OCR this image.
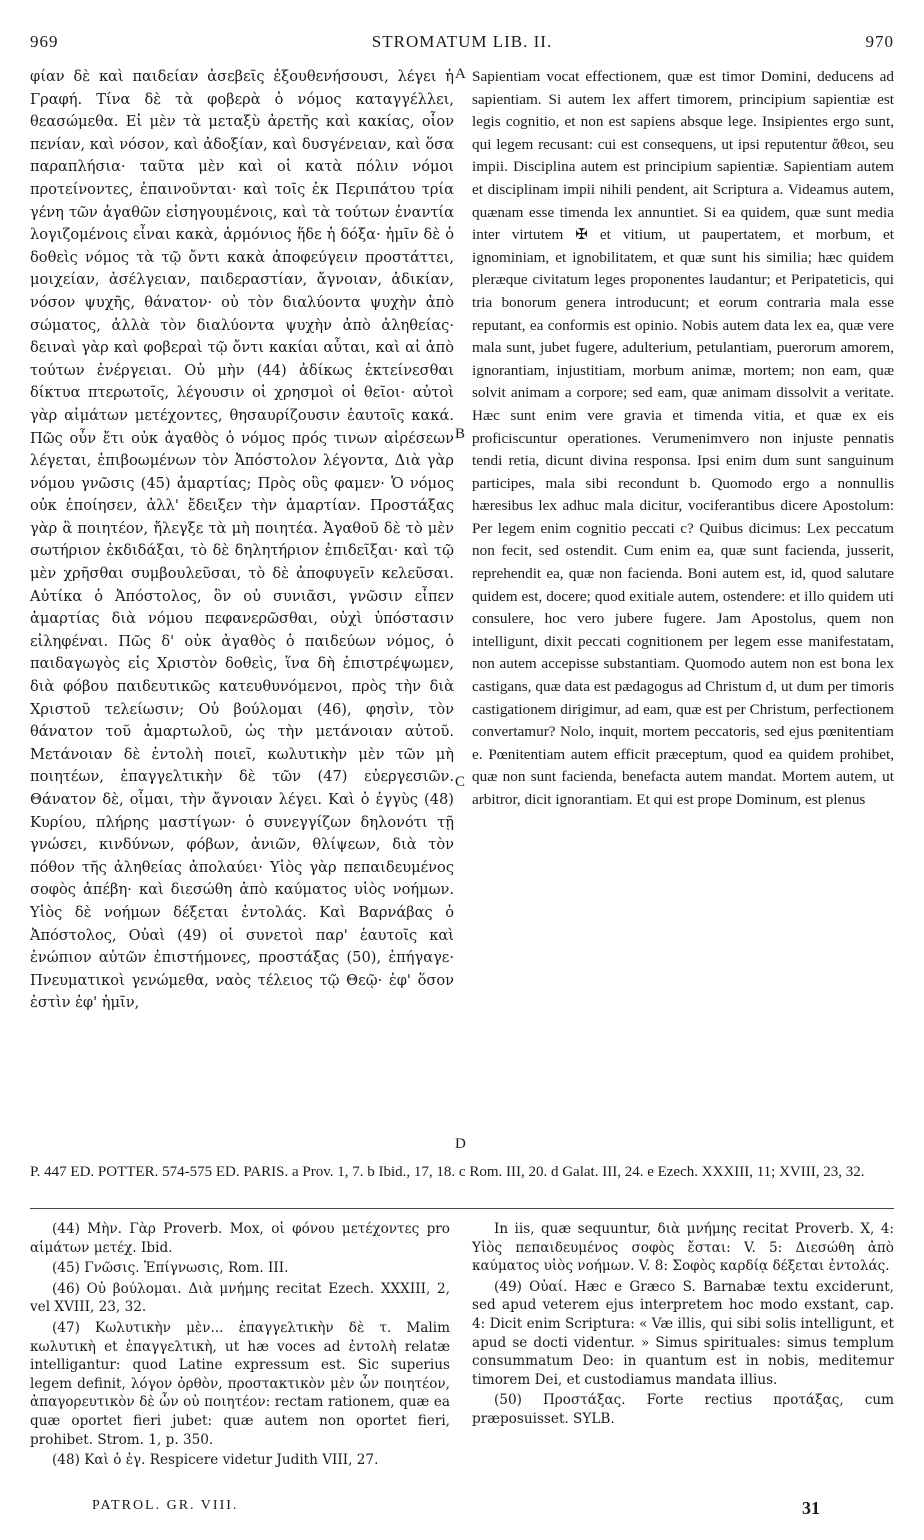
969	STROMATUM LIB. II.	970

φίαν δὲ καὶ παιδείαν ἀσεβεῖς ἐξουθενήσουσι, λέγει ἡ Γραφή. Τίνα δὲ τὰ φοβερὰ ὁ νόμος καταγγέλλει, θεασώμεθα. Εἰ μὲν τὰ μεταξὺ ἀρετῆς καὶ κακίας, οἷον πενίαν, καὶ νόσον, καὶ ἀδοξίαν, καὶ δυσγένειαν, καὶ ὅσα παραπλήσια· ταῦτα μὲν καὶ οἱ κατὰ πόλιν νόμοι προτείνοντες, ἐπαινοῦνται· καὶ τοῖς ἐκ Περιπάτου τρία γένη τῶν ἀγαθῶν εἰσηγουμένοις, καὶ τὰ τούτων ἐναντία λογιζομένοις εἶναι κακὰ, ἁρμόνιος ἥδε ἡ δόξα· ἡμῖν δὲ ὁ δοθεὶς νόμος τὰ τῷ ὄντι κακὰ ἀποφεύγειν προστάττει, μοιχείαν, ἀσέλγειαν, παιδεραστίαν, ἄγνοιαν, ἀδικίαν, νόσον ψυχῆς, θάνατον· οὐ τὸν διαλύοντα ψυχὴν ἀπὸ σώματος, ἀλλὰ τὸν διαλύοντα ψυχὴν ἀπὸ ἀληθείας· δειναὶ γὰρ καὶ φοβεραὶ τῷ ὄντι κακίαι αὗται, καὶ αἱ ἀπὸ τούτων ἐνέργειαι. Οὐ μὴν (44) ἀδίκως ἐκτείνεσθαι δίκτυα πτερωτοῖς, λέγουσιν οἱ χρησμοὶ οἱ θεῖοι· αὐτοὶ γὰρ αἱμάτων μετέχοντες, θησαυρίζουσιν ἑαυτοῖς κακά. Πῶς οὖν ἔτι οὐκ ἀγαθὸς ὁ νόμος πρός τινων αἱρέσεων λέγεται, ἐπιβοωμένων τὸν Ἀπόστολον λέγοντα, Διὰ γὰρ νόμου γνῶσις (45) ἁμαρτίας; Πρὸς οὓς φαμεν· Ὁ νόμος οὐκ ἐποίησεν, ἀλλ' ἔδειξεν τὴν ἁμαρτίαν. Προστάξας γὰρ ἃ ποιητέον, ἤλεγξε τὰ μὴ ποιητέα. Ἀγαθοῦ δὲ τὸ μὲν σωτήριον ἐκδιδάξαι, τὸ δὲ δηλητήριον ἐπιδεῖξαι· καὶ τῷ μὲν χρῆσθαι συμβουλεῦσαι, τὸ δὲ ἀποφυγεῖν κελεῦσαι. Αὐτίκα ὁ Ἀπόστολος, ὃν οὐ συνιᾶσι, γνῶσιν εἶπεν ἁμαρτίας διὰ νόμου πεφανερῶσθαι, οὐχὶ ὑπόστασιν εἰληφέναι. Πῶς δ' οὐκ ἀγαθὸς ὁ παιδεύων νόμος, ὁ παιδαγωγὸς εἰς Χριστὸν δοθεὶς, ἵνα δὴ ἐπιστρέψωμεν, διὰ φόβου παιδευτικῶς κατευθυνόμενοι, πρὸς τὴν διὰ Χριστοῦ τελείωσιν; Οὐ βούλομαι (46), φησὶν, τὸν θάνατον τοῦ ἁμαρτωλοῦ, ὡς τὴν μετάνοιαν αὐτοῦ. Μετάνοιαν δὲ ἐντολὴ ποιεῖ, κωλυτικὴν μὲν τῶν μὴ ποιητέων, ἐπαγγελτικὴν δὲ τῶν (47) εὐεργεσιῶν. Θάνατον δὲ, οἶμαι, τὴν ἄγνοιαν λέγει. Καὶ ὁ ἐγγὺς (48) Κυρίου, πλήρης μαστίγων· ὁ συνεγγίζων δηλονότι τῇ γνώσει, κινδύνων, φόβων, ἀνιῶν, θλίψεων, διὰ τὸν πόθον τῆς ἀληθείας ἀπολαύει· Υἱὸς γὰρ πεπαιδευμένος σοφὸς ἀπέβη· καὶ διεσώθη ἀπὸ καύματος υἱὸς νοήμων. Υἱὸς δὲ νοήμων δέξεται ἐντολάς. Καὶ Βαρνάβας ὁ Ἀπόστολος, Οὐαὶ (49) οἱ συνετοὶ παρ' ἑαυτοῖς καὶ ἐνώπιον αὐτῶν ἐπιστήμονες, προστάξας (50), ἐπήγαγε· Πνευματικοὶ γενώμεθα, ναὸς τέλειος τῷ Θεῷ· ἐφ' ὅσον ἐστὶν ἐφ' ἡμῖν,

A
B
C
D

Sapientiam vocat effectionem, quæ est timor Domini, deducens ad sapientiam. Si autem lex affert timorem, principium sapientiæ est legis cognitio, et non est sapiens absque lege. Insipientes ergo sunt, qui legem recusant: cui est consequens, ut ipsi reputentur ἄθεοι, seu impii. Disciplina autem est principium sapientiæ. Sapientiam autem et disciplinam impii nihili pendent, ait Scriptura a. Videamus autem, quænam esse timenda lex annuntiet. Si ea quidem, quæ sunt media inter virtutem ✠ et vitium, ut paupertatem, et morbum, et ignominiam, et ignobilitatem, et quæ sunt his similia; hæc quidem pleræque civitatum leges proponentes laudantur; et Peripateticis, qui tria bonorum genera introducunt; et eorum contraria mala esse reputant, ea conformis est opinio. Nobis autem data lex ea, quæ vere mala sunt, jubet fugere, adulterium, petulantiam, puerorum amorem, ignorantiam, injustitiam, morbum animæ, mortem; non eam, quæ solvit animam a corpore; sed eam, quæ animam dissolvit a veritate. Hæc sunt enim vere gravia et timenda vitia, et quæ ex eis proficiscuntur operationes. Verumenimvero non injuste pennatis tendi retia, dicunt divina responsa. Ipsi enim dum sunt sanguinum participes, mala sibi recondunt b. Quomodo ergo a nonnullis hæresibus lex adhuc mala dicitur, vociferantibus dicere Apostolum: Per legem enim cognitio peccati c? Quibus dicimus: Lex peccatum non fecit, sed ostendit. Cum enim ea, quæ sunt facienda, jusserit, reprehendit ea, quæ non facienda. Boni autem est, id, quod salutare quidem est, docere; quod exitiale autem, ostendere: et illo quidem uti consulere, hoc vero jubere fugere. Jam Apostolus, quem non intelligunt, dixit peccati cognitionem per legem esse manifestatam, non autem accepisse substantiam. Quomodo autem non est bona lex castigans, quæ data est pædagogus ad Christum d, ut dum per timoris castigationem dirigimur, ad eam, quæ est per Christum, perfectionem convertamur? Nolo, inquit, mortem peccatoris, sed ejus pœnitentiam e. Pœnitentiam autem efficit præceptum, quod ea quidem prohibet, quæ non sunt facienda, benefacta autem mandat. Mortem autem, ut arbitror, dicit ignorantiam. Et qui est prope Dominum, est plenus

P. 447 ED. POTTER. 574-575 ED. PARIS. a Prov. 1, 7. b Ibid., 17, 18. c Rom. III, 20. d Galat. III, 24. e Ezech. XXXIII, 11; XVIII, 23, 32.

(44) Μὴν. Γὰρ Proverb. Mox, οἱ φόνου μετέχοντες pro αἱμάτων μετέχ. Ibid.

(45) Γνῶσις. Ἐπίγνωσις, Rom. III.

(46) Οὐ βούλομαι. Διὰ μνήμης recitat Ezech. XXXIII, 2, vel XVIII, 23, 32.

(47) Κωλυτικὴν μὲν... ἐπαγγελτικὴν δὲ τ. Malim κωλυτικὴ et ἐπαγγελτικὴ, ut hæ voces ad ἐντολὴ relatæ intelligantur: quod Latine expressum est. Sic superius legem definit, λόγον ὀρθὸν, προστακτικὸν μὲν ὧν ποιητέον, ἀπαγορευτικὸν δὲ ὧν οὐ ποιητέον: rectam rationem, quæ ea quæ oportet fieri jubet: quæ autem non oportet fieri, prohibet. Strom. 1, p. 350.

(48) Καὶ ὁ ἐγ. Respicere videtur Judith VIII, 27.

In iis, quæ sequuntur, διὰ μνήμης recitat Proverb. X, 4: Υἱὸς πεπαιδευμένος σοφὸς ἔσται: V. 5: Διεσώθη ἀπὸ καύματος υἱὸς νοήμων. V. 8: Σοφὸς καρδίᾳ δέξεται ἐντολάς.

(49) Οὐαί. Hæc e Græco S. Barnabæ textu exciderunt, sed apud veterem ejus interpretem hoc modo exstant, cap. 4: Dicit enim Scriptura: « Væ illis, qui sibi solis intelligunt, et apud se docti videntur. » Simus spirituales: simus templum consummatum Deo: in quantum est in nobis, meditemur timorem Dei, et custodiamus mandata illius.

(50) Προστάξας. Forte rectius προτάξας, cum præposuisset. SYLB.

PATROL. GR. VIII.	31
